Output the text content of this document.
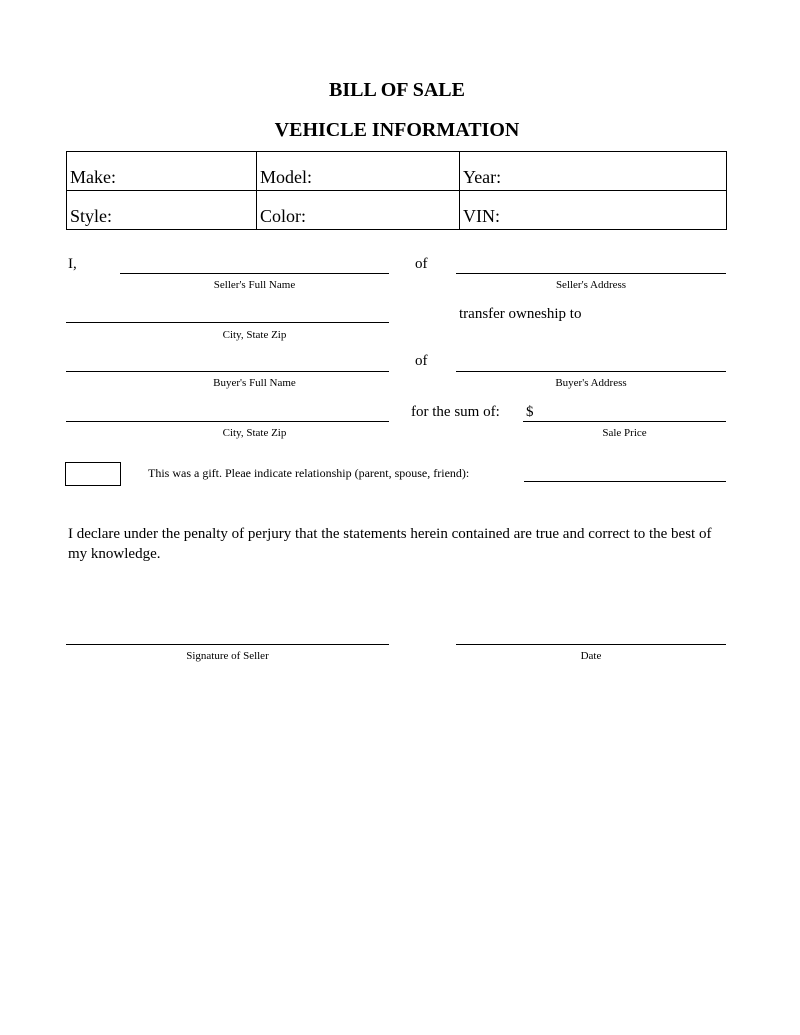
BILL OF SALE
VEHICLE INFORMATION
Make:	Model:	Year:
Style:	Color:	VIN:
I,
Seller's Full Name
of
Seller's Address
City, State Zip
transfer owneship to
Buyer's Full Name
of
Buyer's Address
City, State Zip
for the sum of: $
Sale Price
This was a gift. Pleae indicate relationship (parent, spouse, friend):
I declare under the penalty of perjury that the statements herein contained are true and correct to the best of my knowledge.
Signature of Seller	Date
